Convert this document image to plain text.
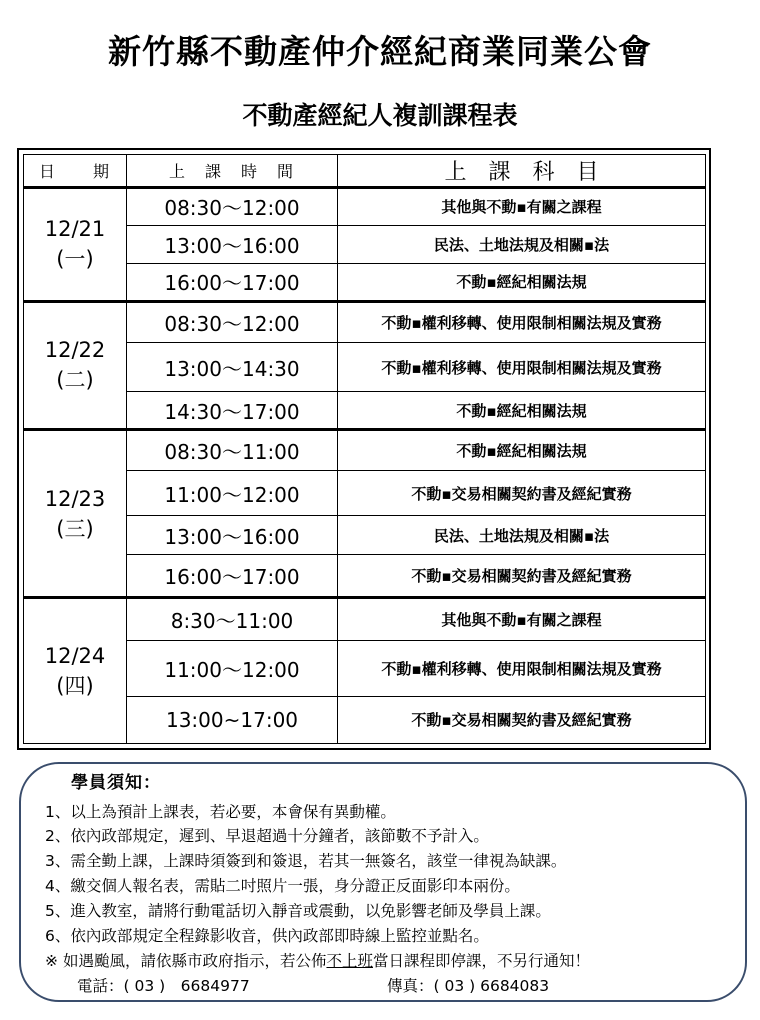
新竹縣不動產仲介經紀商業同業公會
不動產經紀人複訓課程表
日　　期	上　課　時　間	上　課　科　目

12/21
(一)	08:30～12:00	其他與不動▪有關之課程
	13:00～16:00	民法、土地法規及相關▪法
	16:00～17:00	不動▪經紀相關法規

12/22
(二)	08:30～12:00	不動▪權利移轉、使用限制相關法規及實務
	13:00～14:30	不動▪權利移轉、使用限制相關法規及實務
	14:30～17:00	不動▪經紀相關法規

12/23
(三)	08:30～11:00	不動▪經紀相關法規
	11:00～12:00	不動▪交易相關契約書及經紀實務
	13:00～16:00	民法、土地法規及相關▪法
	16:00～17:00	不動▪交易相關契約書及經紀實務

12/24
(四)	8:30～11:00	其他與不動▪有關之課程
	11:00～12:00	不動▪權利移轉、使用限制相關法規及實務
	13:00~17:00	不動▪交易相關契約書及經紀實務
學員須知：
1、以上為預計上課表，若必要，本會保有異動權。
2、依內政部規定，遲到、早退超過十分鐘者，該節數不予計入。
3、需全勤上課，上課時須簽到和簽退，若其一無簽名，該堂一律視為缺課。
4、繳交個人報名表，需貼二吋照片一張，身分證正反面影印本兩份。
5、進入教室，請將行動電話切入靜音或震動，以免影響老師及學員上課。
6、依內政部規定全程錄影收音，供內政部即時線上監控並點名。
※ 如遇颱風，請依縣市政府指示，若公佈不上班當日課程即停課，不另行通知！
電話：( 03 )　6684977	傳真：( 03 ) 6684083
